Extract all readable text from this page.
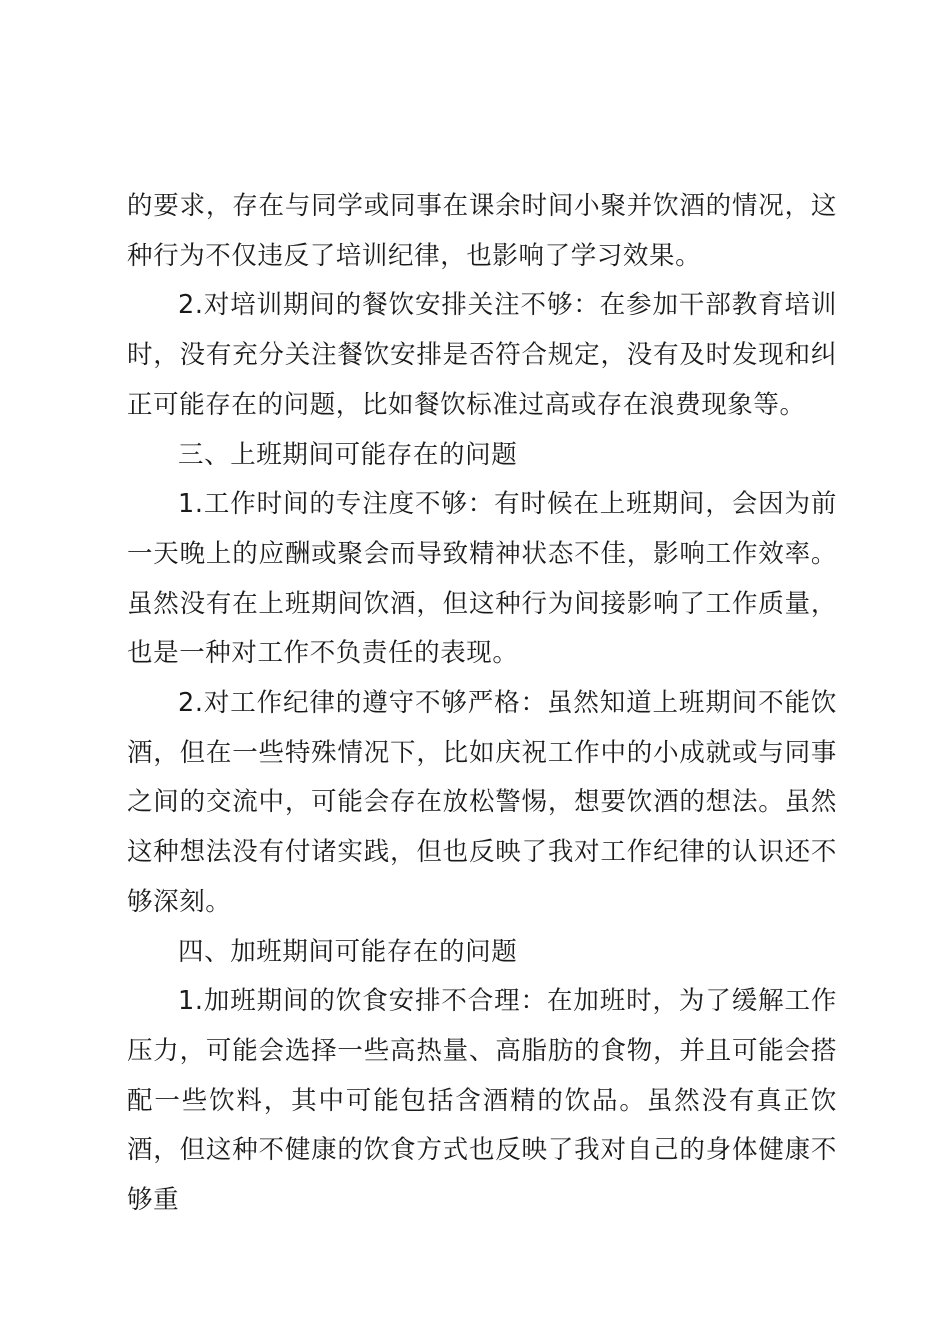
的要求，存在与同学或同事在课余时间小聚并饮酒的情况，这种行为不仅违反了培训纪律，也影响了学习效果。

2.对培训期间的餐饮安排关注不够：在参加干部教育培训时，没有充分关注餐饮安排是否符合规定，没有及时发现和纠正可能存在的问题，比如餐饮标准过高或存在浪费现象等。

三、上班期间可能存在的问题

1.工作时间的专注度不够：有时候在上班期间，会因为前一天晚上的应酬或聚会而导致精神状态不佳，影响工作效率。虽然没有在上班期间饮酒，但这种行为间接影响了工作质量，也是一种对工作不负责任的表现。

2.对工作纪律的遵守不够严格：虽然知道上班期间不能饮酒，但在一些特殊情况下，比如庆祝工作中的小成就或与同事之间的交流中，可能会存在放松警惕，想要饮酒的想法。虽然这种想法没有付诸实践，但也反映了我对工作纪律的认识还不够深刻。

四、加班期间可能存在的问题

1.加班期间的饮食安排不合理：在加班时，为了缓解工作压力，可能会选择一些高热量、高脂肪的食物，并且可能会搭配一些饮料，其中可能包括含酒精的饮品。虽然没有真正饮酒，但这种不健康的饮食方式也反映了我对自己的身体健康不够重
